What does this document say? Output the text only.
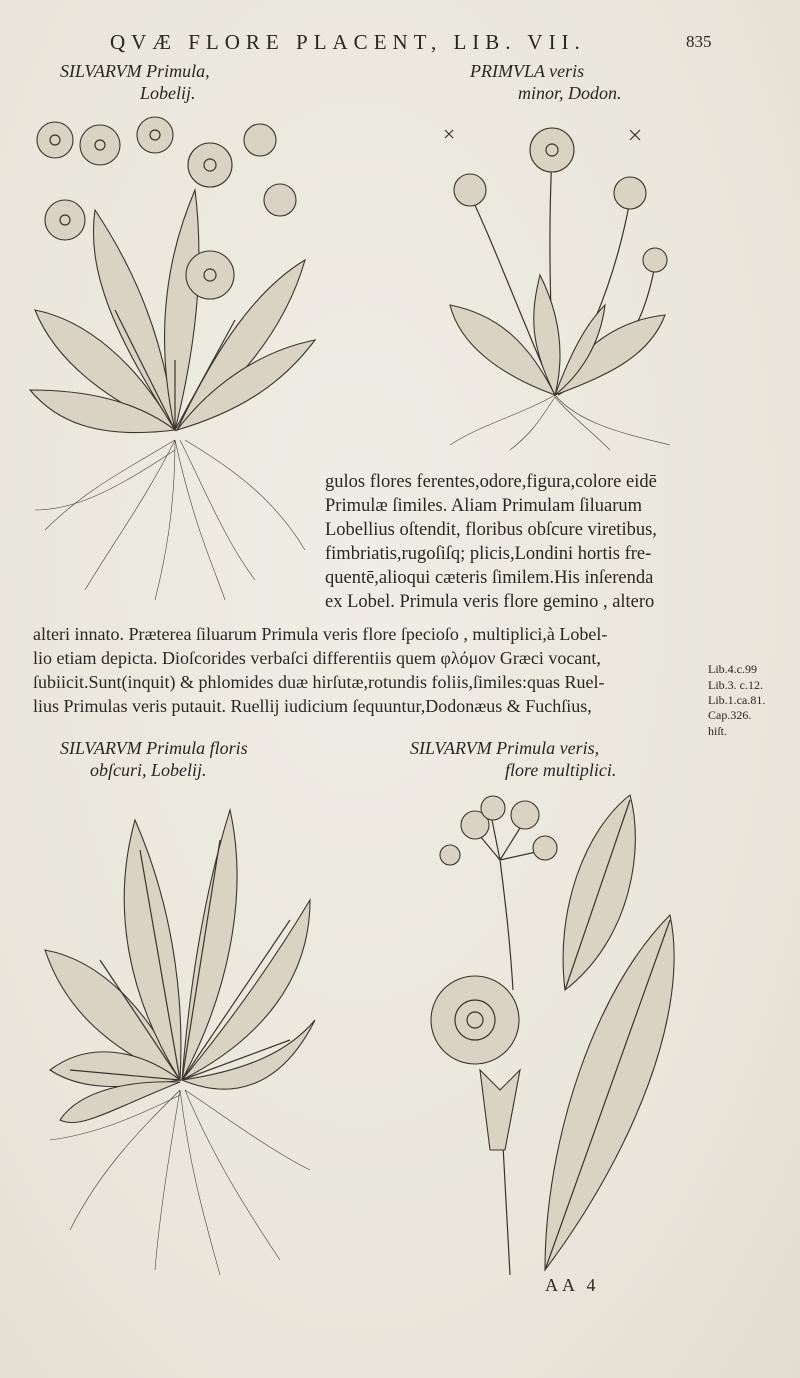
QVÆ FLORE PLACENT, LIB. VII.	835
SILVARVM Primula,
Lobelij.
PRIMVLA veris
minor, Dodon.
gulos flores ferentes,odore,figura,colore eidē
Primulæ ſimiles. Aliam Primulam ſiluarum
Lobellius oſtendit, floribus obſcure viretibus,
fimbriatis,rugoſiſq; plicis,Londini hortis fre-
quentē,alioqui cæteris ſimilem.His inſerenda
ex Lobel. Primula veris flore gemino , altero
alteri innato. Præterea ſiluarum Primula veris flore ſpecioſo , multiplici,à Lobel-
lio etiam depicta. Dioſcorides verbaſci differentiis quem φλόμον Græci vocant,
ſubiicit.Sunt(inquit) & phlomides duæ hirſutæ,rotundis foliis,ſimiles:quas Ruel-
lius Primulas veris putauit. Ruellij iudicium ſequuntur,Dodonæus & Fuchſius,
Lib.4.c.99
Lib.3. c.12.
Lib.1.ca.81.
Cap.326.
hiſt.
SILVARVM Primula floris
obſcuri, Lobelij.
SILVARVM Primula veris,
flore multiplici.
AA 4
